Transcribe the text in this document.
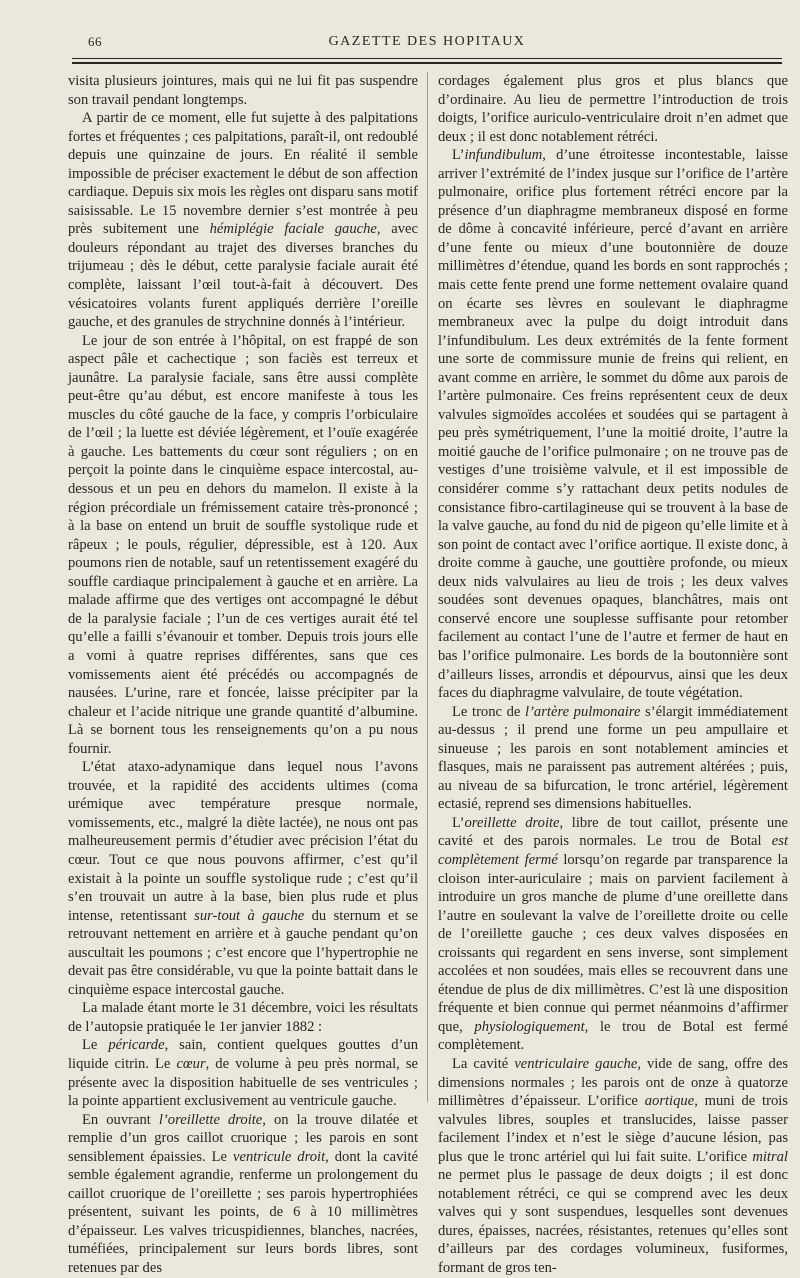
66	GAZETTE DES HOPITAUX

visita plusieurs jointures, mais qui ne lui fit pas suspendre son travail pendant longtemps.

A partir de ce moment, elle fut sujette à des palpitations fortes et fréquentes ; ces palpitations, paraît-il, ont redoublé depuis une quinzaine de jours. En réalité il semble impossible de préciser exactement le début de son affection cardiaque. Depuis six mois les règles ont disparu sans motif saisissable. Le 15 novembre dernier s’est montrée à peu près subitement une hémiplégie faciale gauche, avec douleurs répondant au trajet des diverses branches du trijumeau ; dès le début, cette paralysie faciale aurait été complète, laissant l’œil tout-à-fait à découvert. Des vésicatoires volants furent appliqués derrière l’oreille gauche, et des granules de strychnine donnés à l’intérieur.

Le jour de son entrée à l’hôpital, on est frappé de son aspect pâle et cachectique ; son faciès est terreux et jaunâtre. La paralysie faciale, sans être aussi complète peut-être qu’au début, est encore manifeste à tous les muscles du côté gauche de la face, y compris l’orbiculaire de l’œil ; la luette est déviée légèrement, et l’ouïe exagérée à gauche. Les battements du cœur sont réguliers ; on en perçoit la pointe dans le cinquième espace intercostal, au-dessous et un peu en dehors du mamelon. Il existe à la région précordiale un frémissement cataire très-prononcé ; à la base on entend un bruit de souffle systolique rude et râpeux ; le pouls, régulier, dépressible, est à 120. Aux poumons rien de notable, sauf un retentissement exagéré du souffle cardiaque principalement à gauche et en arrière. La malade affirme que des vertiges ont accompagné le début de la paralysie faciale ; l’un de ces vertiges aurait été tel qu’elle a failli s’évanouir et tomber. Depuis trois jours elle a vomi à quatre reprises différentes, sans que ces vomissements aient été précédés ou accompagnés de nausées. L’urine, rare et foncée, laisse précipiter par la chaleur et l’acide nitrique une grande quantité d’albumine. Là se bornent tous les renseignements qu’on a pu nous fournir.

L’état ataxo-adynamique dans lequel nous l’avons trouvée, et la rapidité des accidents ultimes (coma urémique avec température presque normale, vomissements, etc., malgré la diète lactée), ne nous ont pas malheureusement permis d’étudier avec précision l’état du cœur. Tout ce que nous pouvons affirmer, c’est qu’il existait à la pointe un souffle systolique rude ; c’est qu’il s’en trouvait un autre à la base, bien plus rude et plus intense, retentissant sur-tout à gauche du sternum et se retrouvant nettement en arrière et à gauche pendant qu’on auscultait les poumons ; c’est encore que l’hypertrophie ne devait pas être considérable, vu que la pointe battait dans le cinquième espace intercostal gauche.

La malade étant morte le 31 décembre, voici les résultats de l’autopsie pratiquée le 1er janvier 1882 :

Le péricarde, sain, contient quelques gouttes d’un liquide citrin. Le cœur, de volume à peu près normal, se présente avec la disposition habituelle de ses ventricules ; la pointe appartient exclusivement au ventricule gauche.

En ouvrant l’oreillette droite, on la trouve dilatée et remplie d’un gros caillot cruorique ; les parois en sont sensiblement épaissies. Le ventricule droit, dont la cavité semble également agrandie, renferme un prolongement du caillot cruorique de l’oreillette ; ses parois hypertrophiées présentent, suivant les points, de 6 à 10 millimètres d’épaisseur. Les valves tricuspidiennes, blanches, nacrées, tuméfiées, principalement sur leurs bords libres, sont retenues par des

cordages également plus gros et plus blancs que d’ordinaire. Au lieu de permettre l’introduction de trois doigts, l’orifice auriculo-ventriculaire droit n’en admet que deux ; il est donc notablement rétréci.

L’infundibulum, d’une étroitesse incontestable, laisse arriver l’extrémité de l’index jusque sur l’orifice de l’artère pulmonaire, orifice plus fortement rétréci encore par la présence d’un diaphragme membraneux disposé en forme de dôme à concavité inférieure, percé d’avant en arrière d’une fente ou mieux d’une boutonnière de douze millimètres d’étendue, quand les bords en sont rapprochés ; mais cette fente prend une forme nettement ovalaire quand on écarte ses lèvres en soulevant le diaphragme membraneux avec la pulpe du doigt introduit dans l’infundibulum. Les deux extrémités de la fente forment une sorte de commissure munie de freins qui relient, en avant comme en arrière, le sommet du dôme aux parois de l’artère pulmonaire. Ces freins représentent ceux de deux valvules sigmoïdes accolées et soudées qui se partagent à peu près symétriquement, l’une la moitié droite, l’autre la moitié gauche de l’orifice pulmonaire ; on ne trouve pas de vestiges d’une troisième valvule, et il est impossible de considérer comme s’y rattachant deux petits nodules de consistance fibro-cartilagineuse qui se trouvent à la base de la valve gauche, au fond du nid de pigeon qu’elle limite et à son point de contact avec l’orifice aortique. Il existe donc, à droite comme à gauche, une gouttière profonde, ou mieux deux nids valvulaires au lieu de trois ; les deux valves soudées sont devenues opaques, blanchâtres, mais ont conservé encore une souplesse suffisante pour retomber facilement au contact l’une de l’autre et fermer de haut en bas l’orifice pulmonaire. Les bords de la boutonnière sont d’ailleurs lisses, arrondis et dépourvus, ainsi que les deux faces du diaphragme valvulaire, de toute végétation.

Le tronc de l’artère pulmonaire s’élargit immédiatement au-dessus ; il prend une forme un peu ampullaire et sinueuse ; les parois en sont notablement amincies et flasques, mais ne paraissent pas autrement altérées ; puis, au niveau de sa bifurcation, le tronc artériel, légèrement ectasié, reprend ses dimensions habituelles.

L’oreillette droite, libre de tout caillot, présente une cavité et des parois normales. Le trou de Botal est complètement fermé lorsqu’on regarde par transparence la cloison inter-auriculaire ; mais on parvient facilement à introduire un gros manche de plume d’une oreillette dans l’autre en soulevant la valve de l’oreillette droite ou celle de l’oreillette gauche ; ces deux valves disposées en croissants qui regardent en sens inverse, sont simplement accolées et non soudées, mais elles se recouvrent dans une étendue de plus de dix millimètres. C’est là une disposition fréquente et bien connue qui permet néanmoins d’affirmer que, physiologiquement, le trou de Botal est fermé complètement.

La cavité ventriculaire gauche, vide de sang, offre des dimensions normales ; les parois ont de onze à quatorze millimètres d’épaisseur. L’orifice aortique, muni de trois valvules libres, souples et translucides, laisse passer facilement l’index et n’est le siège d’aucune lésion, pas plus que le tronc artériel qui lui fait suite. L’orifice mitral ne permet plus le passage de deux doigts ; il est donc notablement rétréci, ce qui se comprend avec les deux valves qui y sont suspendues, lesquelles sont devenues dures, épaisses, nacrées, résistantes, retenues qu’elles sont d’ailleurs par des cordages volumineux, fusiformes, formant de gros ten-
